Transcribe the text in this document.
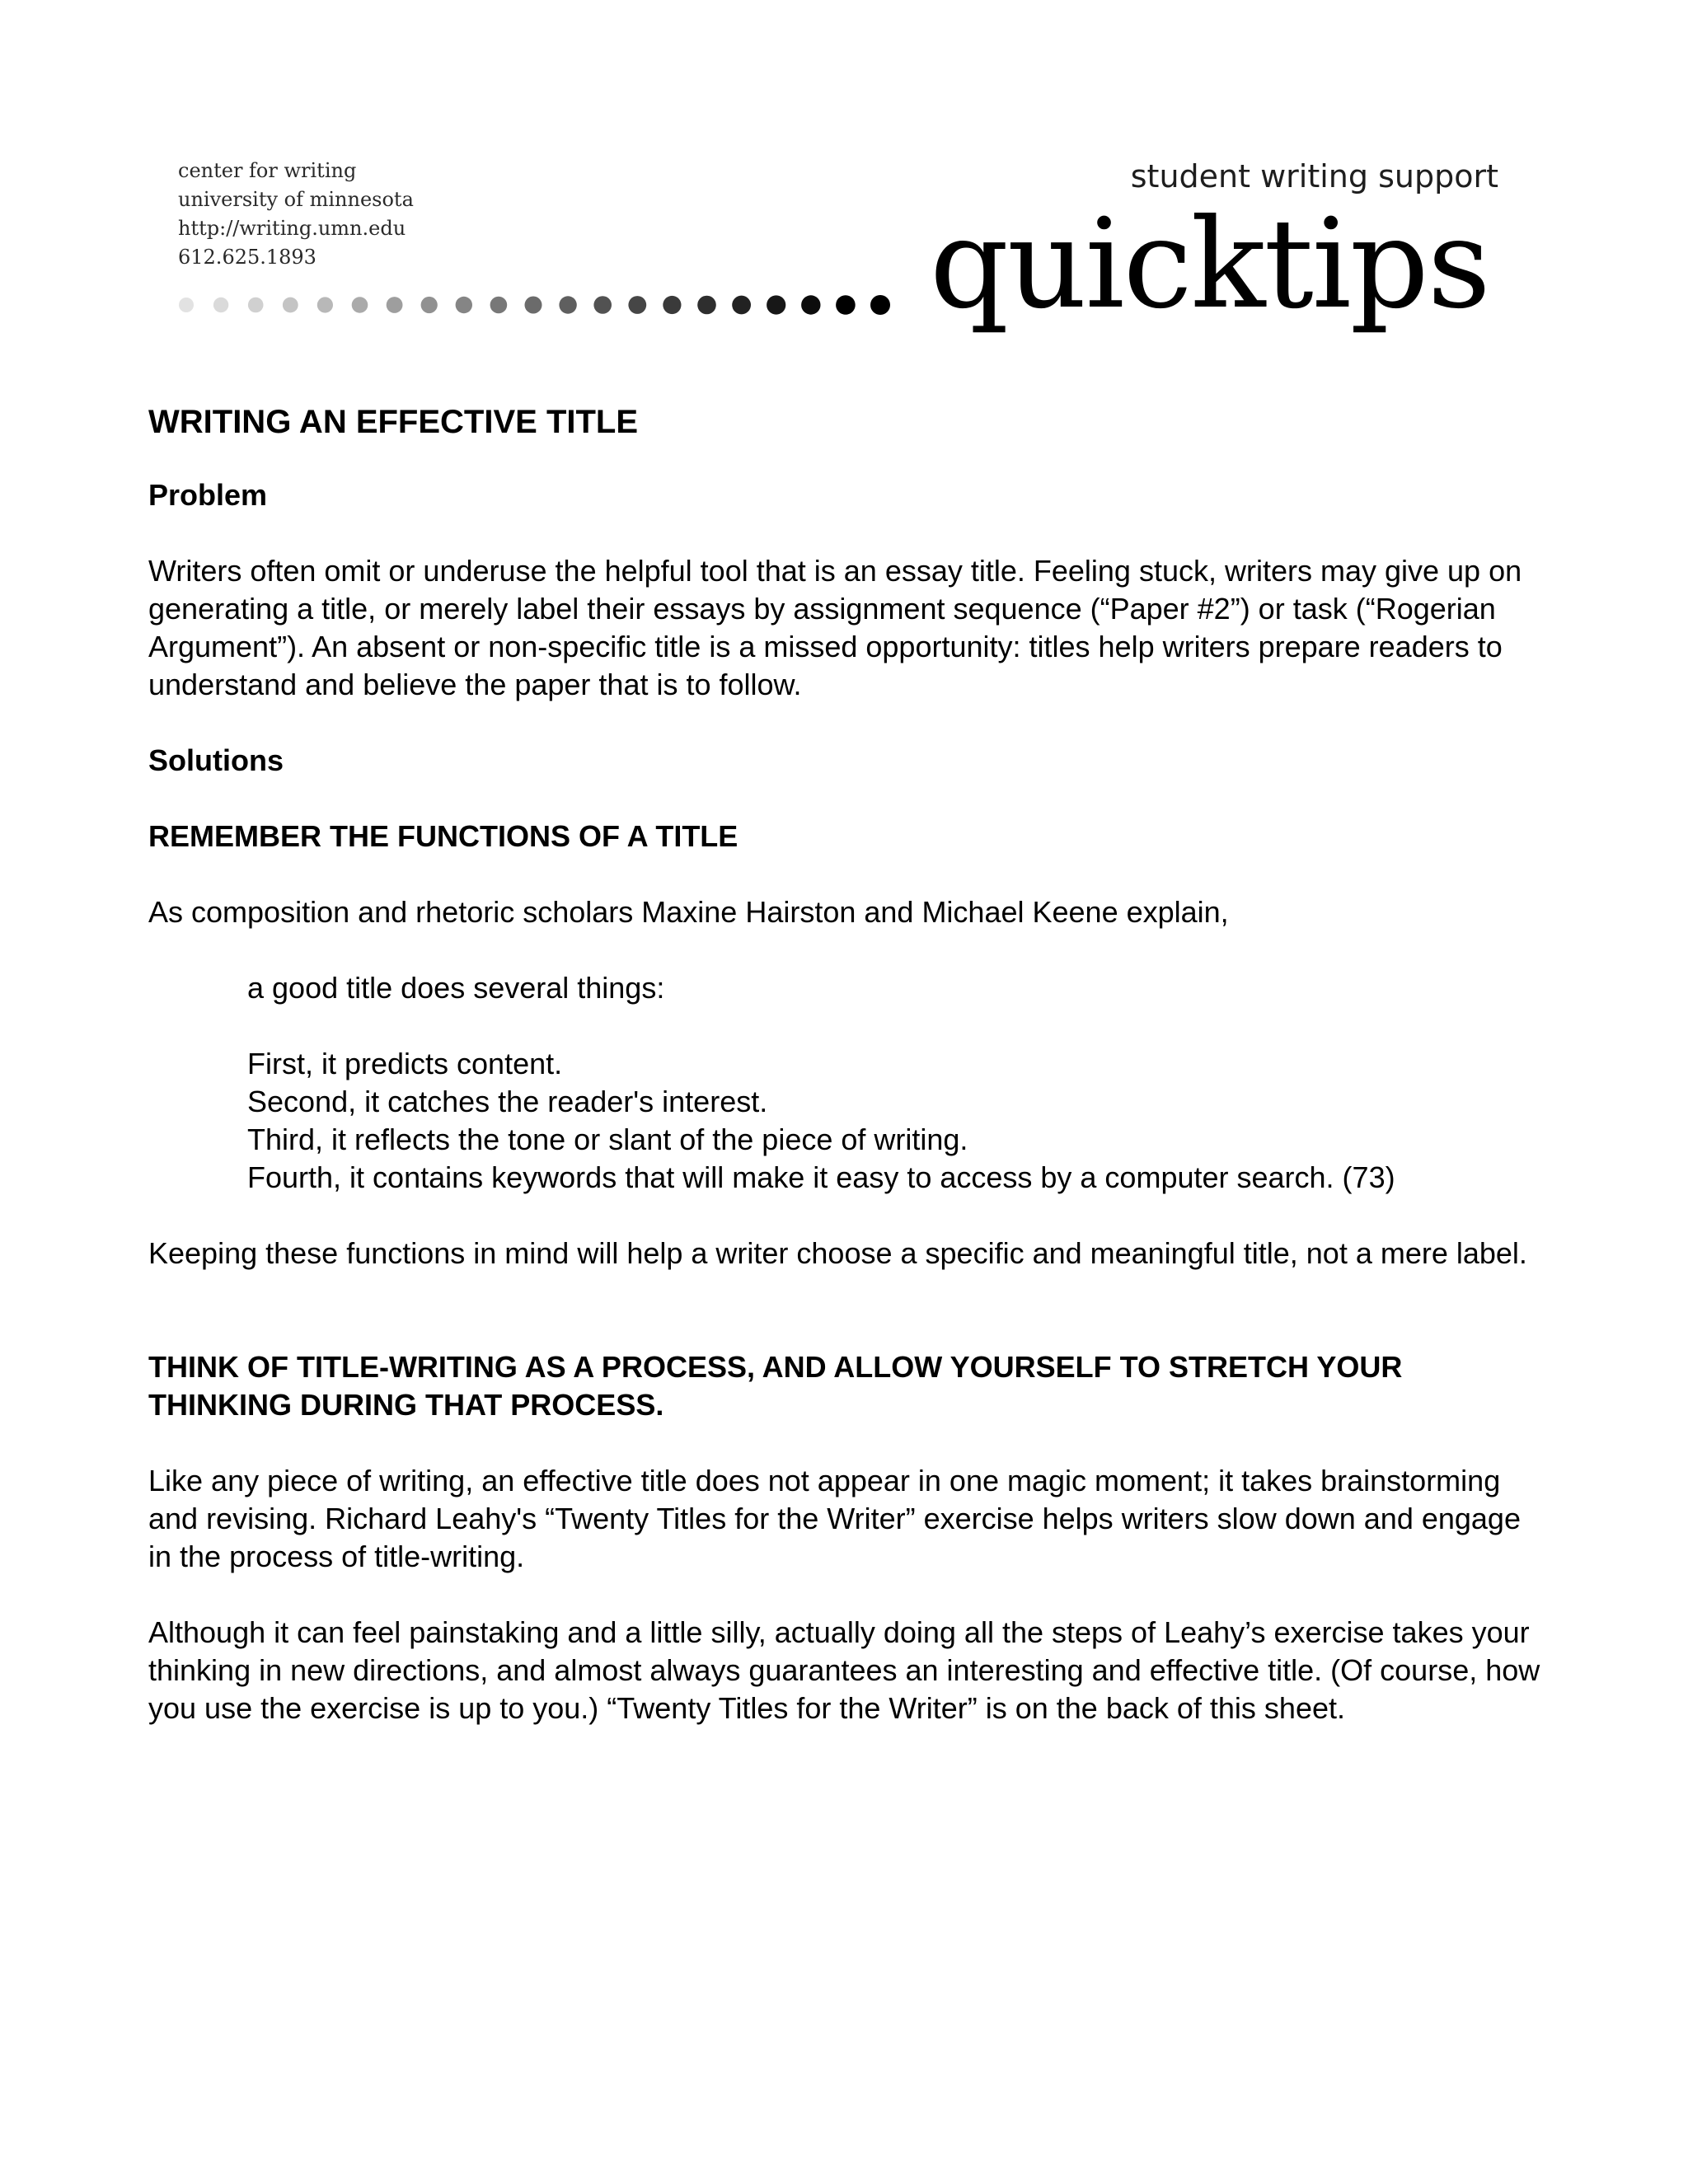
center for writing
university of minnesota
http://writing.umn.edu
612.625.1893
student writing support
quicktips
WRITING AN EFFECTIVE TITLE
Problem

Writers often omit or underuse the helpful tool that is an essay title. Feeling stuck, writers may give up on generating a title, or merely label their essays by assignment sequence (“Paper #2”) or task (“Rogerian Argument”). An absent or non-specific title is a missed opportunity: titles help writers prepare readers to understand and believe the paper that is to follow.

Solutions
REMEMBER THE FUNCTIONS OF A TITLE

As composition and rhetoric scholars Maxine Hairston and Michael Keene explain,

a good title does several things:
First, it predicts content.
Second, it catches the reader's interest.
Third, it reflects the tone or slant of the piece of writing.
Fourth, it contains keywords that will make it easy to access by a computer search. (73)

Keeping these functions in mind will help a writer choose a specific and meaningful title, not a mere label.

THINK OF TITLE-WRITING AS A PROCESS, AND ALLOW YOURSELF TO STRETCH YOUR THINKING DURING THAT PROCESS.

Like any piece of writing, an effective title does not appear in one magic moment; it takes brainstorming and revising. Richard Leahy's “Twenty Titles for the Writer” exercise helps writers slow down and engage in the process of title-writing.

Although it can feel painstaking and a little silly, actually doing all the steps of Leahy’s exercise takes your thinking in new directions, and almost always guarantees an interesting and effective title. (Of course, how you use the exercise is up to you.) “Twenty Titles for the Writer” is on the back of this sheet.
